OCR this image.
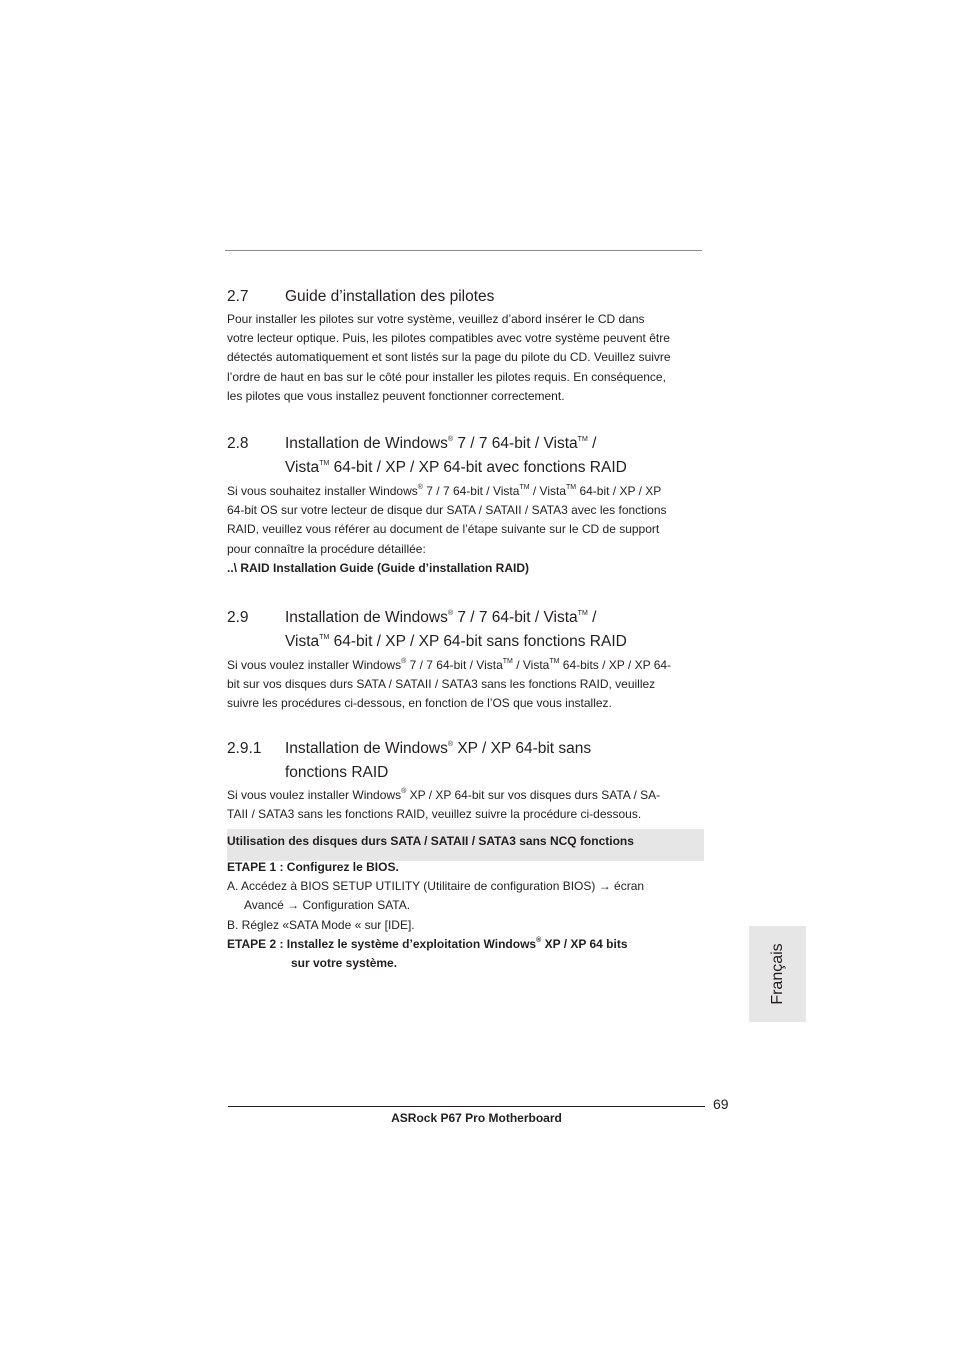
2.7 Guide d’installation des pilotes

Pour installer les pilotes sur votre système, veuillez d’abord insérer le CD dans

votre lecteur optique. Puis, les pilotes compatibles avec votre système peuvent être

détectés automatiquement et sont listés sur la page du pilote du CD. Veuillez suivre

l’ordre de haut en bas sur le côté pour installer les pilotes requis. En conséquence,

les pilotes que vous installez peuvent fonctionner correctement.

2.8 Installation de Windows® 7 / 7 64-bit / Vista™ /
Vista™ 64-bit / XP / XP 64-bit avec fonctions RAID

Si vous souhaitez installer Windows® 7 / 7 64-bit / Vista™ / Vista™ 64-bit / XP / XP

64-bit OS sur votre lecteur de disque dur SATA / SATAII / SATA3 avec les fonctions

RAID, veuillez vous référer au document de l’étape suivante sur le CD de support

pour connaître la procédure détaillée:

..\ RAID Installation Guide (Guide d’installation RAID)

2.9 Installation de Windows® 7 / 7 64-bit / Vista™ /
Vista™ 64-bit / XP / XP 64-bit sans fonctions RAID

Si vous voulez installer Windows® 7 / 7 64-bit / Vista™ / Vista™ 64-bits / XP / XP 64-

bit sur vos disques durs SATA / SATAII / SATA3 sans les fonctions RAID, veuillez

suivre les procédures ci-dessous, en fonction de l’OS que vous installez.

2.9.1 Installation de Windows® XP / XP 64-bit sans
fonctions RAID

Si vous voulez installer Windows® XP / XP 64-bit sur vos disques durs SATA / SA-

TAII / SATA3 sans les fonctions RAID, veuillez suivre la procédure ci-dessous.

Utilisation des disques durs SATA / SATAII / SATA3 sans NCQ fonctions

ETAPE 1 : Configurez le BIOS.

A. Accédez à BIOS SETUP UTILITY (Utilitaire de configuration BIOS) → écran

Avancé → Configuration SATA.

B. Réglez «SATA Mode « sur [IDE].

ETAPE 2 : Installez le système d’exploitation Windows® XP / XP 64 bits

sur votre système.	Français
69
ASRock P67 Pro Motherboard
